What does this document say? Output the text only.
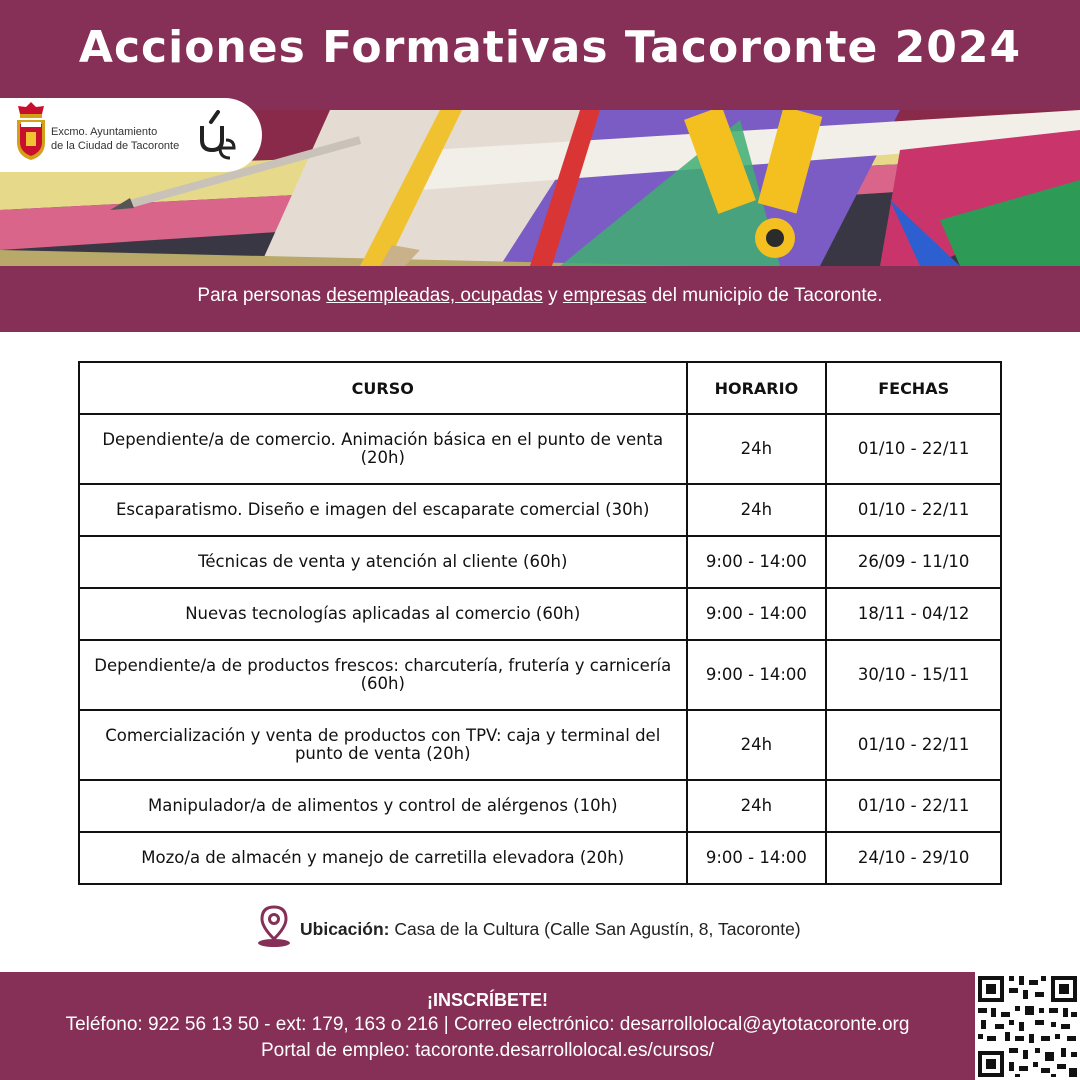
Acciones Formativas Tacoronte 2024
Excmo. Ayuntamiento
de la Ciudad de Tacoronte
Para personas desempleadas, ocupadas y empresas del municipio de Tacoronte.
CURSO	HORARIO	FECHAS
Dependiente/a de comercio. Animación básica en el punto de venta (20h)	24h	01/10 - 22/11
Escaparatismo. Diseño e imagen del escaparate comercial (30h)	24h	01/10 - 22/11
Técnicas de venta y atención al cliente (60h)	9:00 - 14:00	26/09 - 11/10
Nuevas tecnologías aplicadas al comercio (60h)	9:00 - 14:00	18/11 - 04/12
Dependiente/a de productos frescos: charcutería, frutería y carnicería (60h)	9:00 - 14:00	30/10 - 15/11
Comercialización y venta de productos con TPV: caja y terminal del punto de venta (20h)	24h	01/10 - 22/11
Manipulador/a de alimentos y control de alérgenos (10h)	24h	01/10 - 22/11
Mozo/a de almacén y manejo de carretilla elevadora (20h)	9:00 - 14:00	24/10 - 29/10
Ubicación: Casa de la Cultura (Calle San Agustín, 8, Tacoronte)
¡INSCRÍBETE!
Teléfono: 922 56 13 50 - ext: 179, 163 o 216 | Correo electrónico: desarrollolocal@aytotacoronte.org
Portal de empleo: tacoronte.desarrollolocal.es/cursos/
